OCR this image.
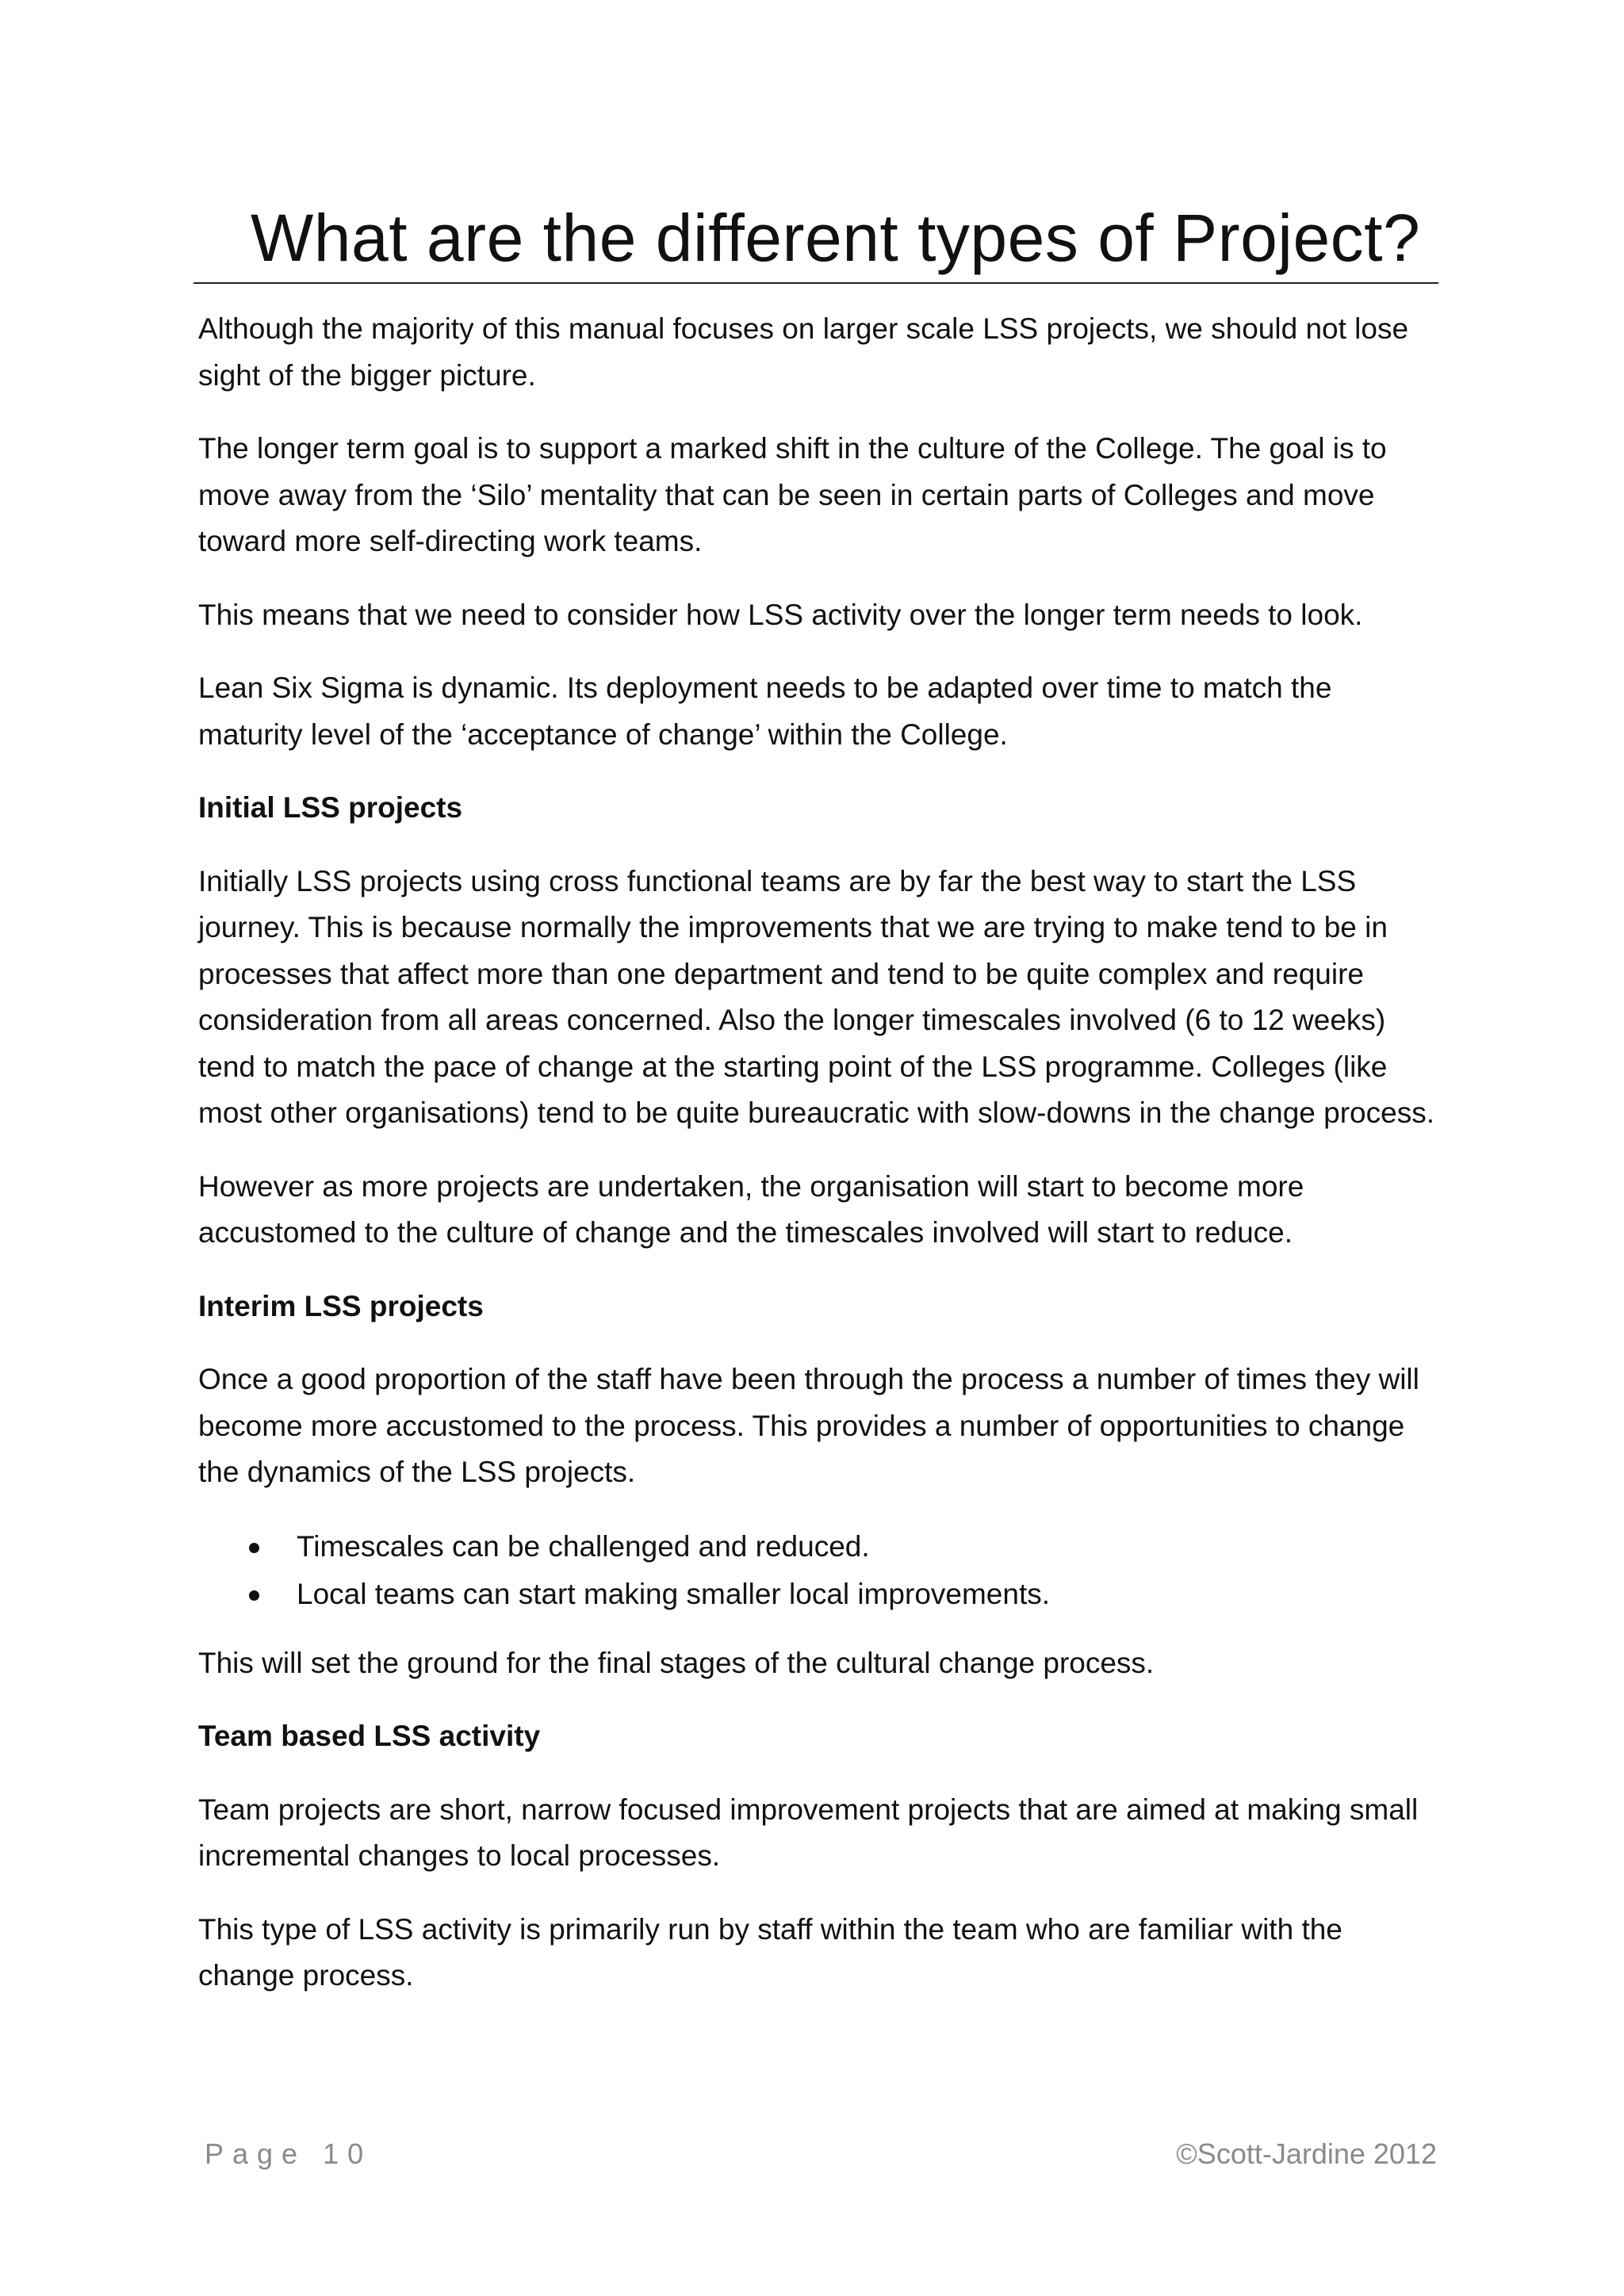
What are the different types of Project?

Although the majority of this manual focuses on larger scale LSS projects, we should not lose sight of the bigger picture.

The longer term goal is to support a marked shift in the culture of the College. The goal is to move away from the ‘Silo’ mentality that can be seen in certain parts of Colleges and move toward more self-directing work teams.

This means that we need to consider how LSS activity over the longer term needs to look.

Lean Six Sigma is dynamic. Its deployment needs to be adapted over time to match the maturity level of the ‘acceptance of change’ within the College.

Initial LSS projects

Initially LSS projects using cross functional teams are by far the best way to start the LSS journey. This is because normally the improvements that we are trying to make tend to be in processes that affect more than one department and tend to be quite complex and require consideration from all areas concerned. Also the longer timescales involved (6 to 12 weeks) tend to match the pace of change at the starting point of the LSS programme. Colleges (like most other organisations) tend to be quite bureaucratic with slow-downs in the change process.

However as more projects are undertaken, the organisation will start to become more accustomed to the culture of change and the timescales involved will start to reduce.

Interim LSS projects

Once a good proportion of the staff have been through the process a number of times they will become more accustomed to the process. This provides a number of opportunities to change the dynamics of the LSS projects.

Timescales can be challenged and reduced.
Local teams can start making smaller local improvements.

This will set the ground for the final stages of the cultural change process.

Team based LSS activity

Team projects are short, narrow focused improvement projects that are aimed at making small incremental changes to local processes.

This type of LSS activity is primarily run by staff within the team who are familiar with the change process.

Page 10	©Scott-Jardine 2012
